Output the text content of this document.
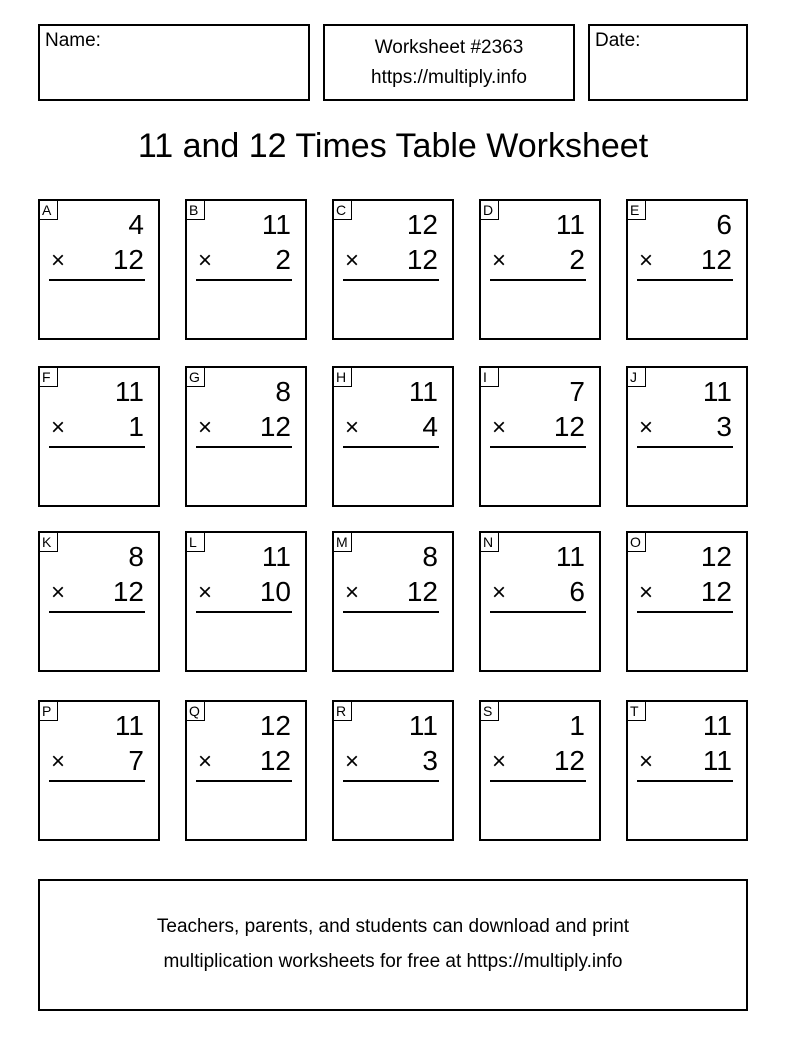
Name:	Worksheet #2363
https://multiply.info
Date:
11 and 12 Times Table Worksheet
A	4
× 12
B 11
× 2
C 12
× 12
D 11
× 2
E	6
× 12
F 11
× 1
G	8
× 12
H 11
× 4
I	7
× 12
J	11
× 3
K	8
× 12
L 11
× 10
M	8
× 12
N 11
× 6
O 12
× 12
P 11
× 7
Q 12
× 12
R 11
× 3
S	1
× 12
T 11
× 11
Teachers, parents, and students can download and print
multiplication worksheets for free at https://multiply.info
